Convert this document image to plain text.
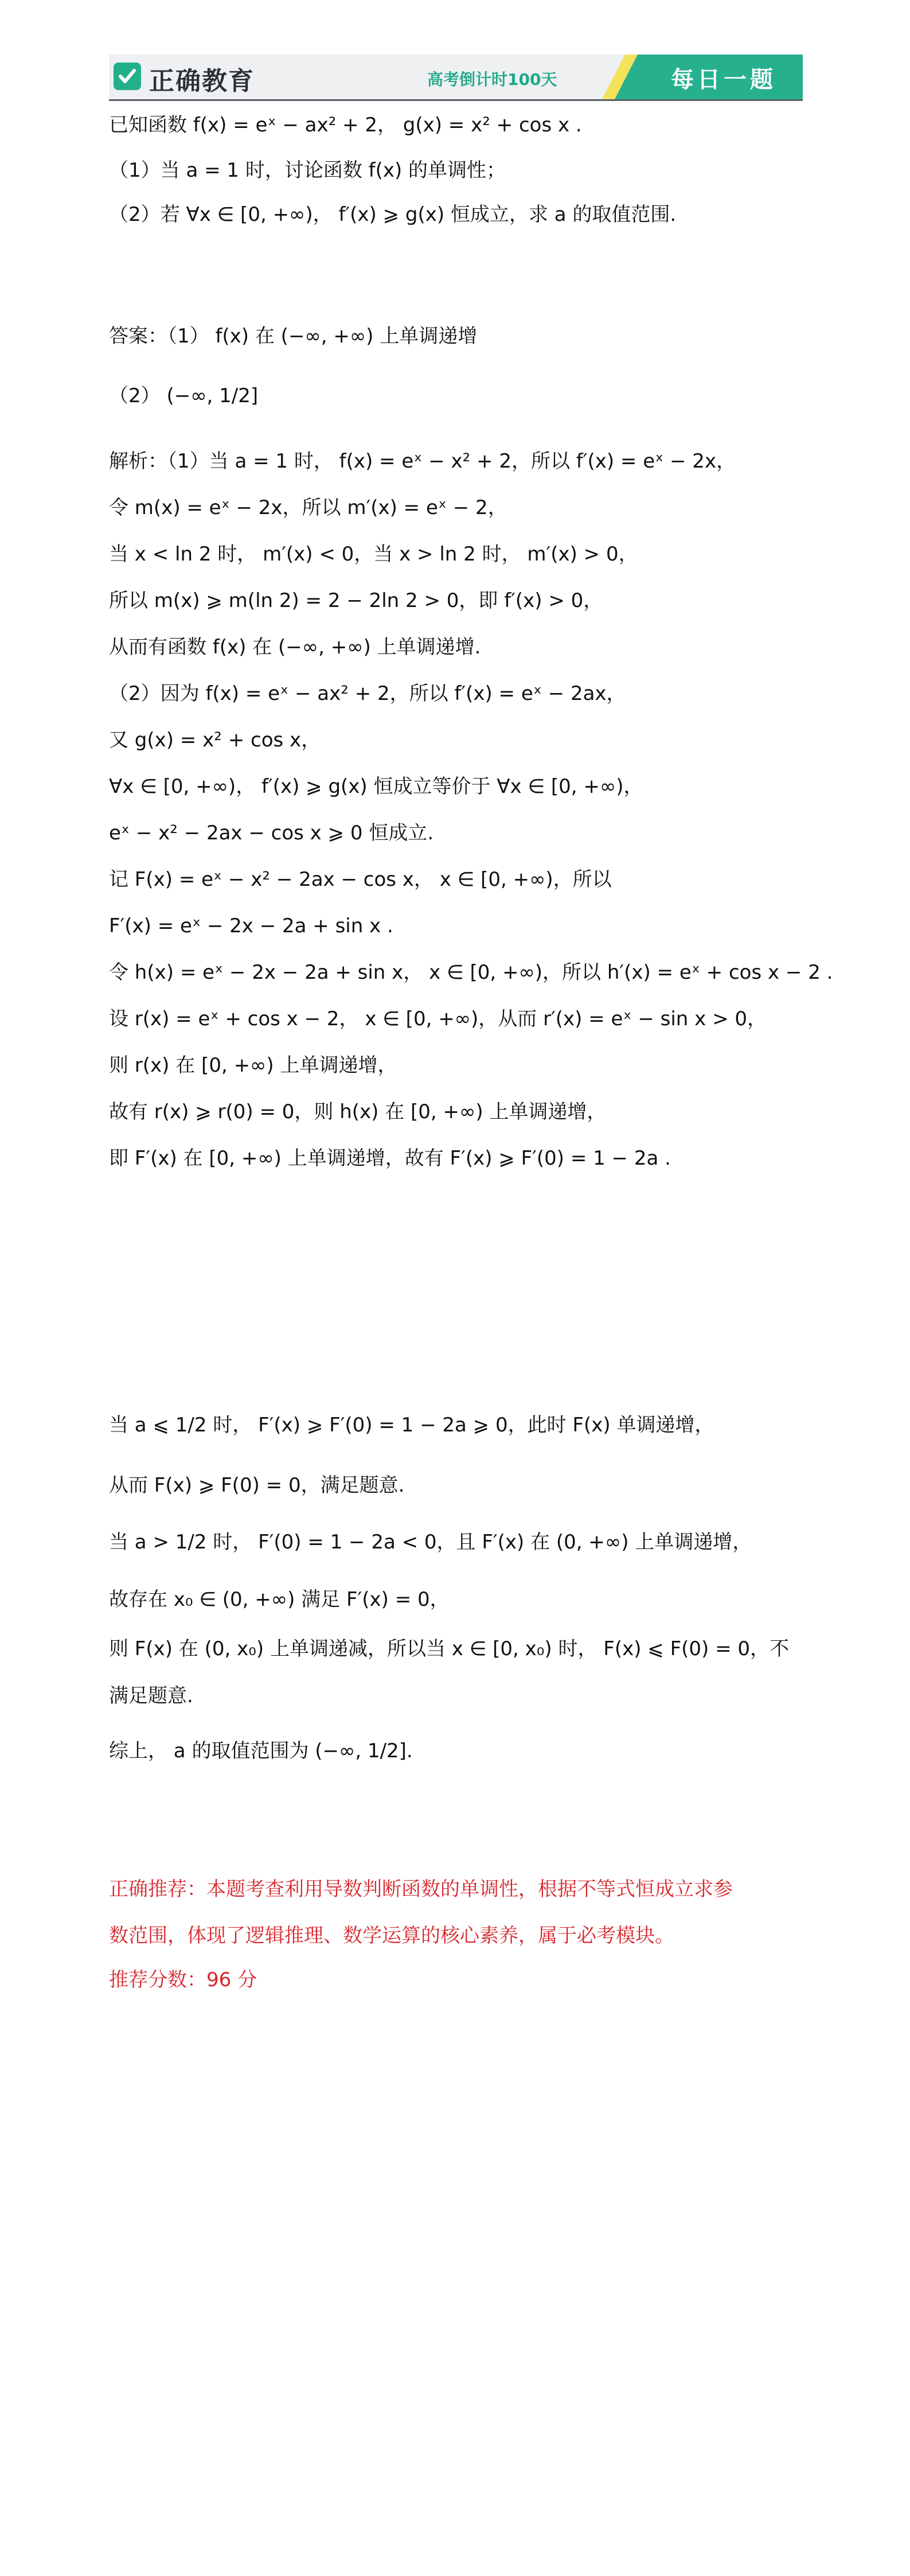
正确教育	高考倒计时100天	每日一题
已知函数 f(x) = eˣ − ax² + 2， g(x) = x² + cos x .
（1）当 a = 1 时，讨论函数 f(x) 的单调性；
（2）若 ∀x ∈ [0, +∞)， f′(x) ⩾ g(x) 恒成立，求 a 的取值范围.
答案：（1） f(x) 在 (−∞, +∞) 上单调递增
（2） (−∞, 1/2]
解析：（1）当 a = 1 时， f(x) = eˣ − x² + 2，所以 f′(x) = eˣ − 2x，
令 m(x) = eˣ − 2x，所以 m′(x) = eˣ − 2，
当 x < ln 2 时， m′(x) < 0，当 x > ln 2 时， m′(x) > 0，
所以 m(x) ⩾ m(ln 2) = 2 − 2ln 2 > 0，即 f′(x) > 0，
从而有函数 f(x) 在 (−∞, +∞) 上单调递增.
（2）因为 f(x) = eˣ − ax² + 2，所以 f′(x) = eˣ − 2ax，
又 g(x) = x² + cos x，
∀x ∈ [0, +∞)， f′(x) ⩾ g(x) 恒成立等价于 ∀x ∈ [0, +∞)，
eˣ − x² − 2ax − cos x ⩾ 0 恒成立.
记 F(x) = eˣ − x² − 2ax − cos x， x ∈ [0, +∞)，所以
F′(x) = eˣ − 2x − 2a + sin x .
令 h(x) = eˣ − 2x − 2a + sin x， x ∈ [0, +∞)，所以 h′(x) = eˣ + cos x − 2 .
设 r(x) = eˣ + cos x − 2， x ∈ [0, +∞)，从而 r′(x) = eˣ − sin x > 0，
则 r(x) 在 [0, +∞) 上单调递增，
故有 r(x) ⩾ r(0) = 0，则 h(x) 在 [0, +∞) 上单调递增，
即 F′(x) 在 [0, +∞) 上单调递增，故有 F′(x) ⩾ F′(0) = 1 − 2a .
当 a ⩽ 1/2 时， F′(x) ⩾ F′(0) = 1 − 2a ⩾ 0，此时 F(x) 单调递增，
从而 F(x) ⩾ F(0) = 0，满足题意.
当 a > 1/2 时， F′(0) = 1 − 2a < 0，且 F′(x) 在 (0, +∞) 上单调递增，
故存在 x₀ ∈ (0, +∞) 满足 F′(x) = 0，
则 F(x) 在 (0, x₀) 上单调递减，所以当 x ∈ [0, x₀) 时， F(x) ⩽ F(0) = 0，不
满足题意.
综上， a 的取值范围为 (−∞, 1/2].
正确推荐：本题考查利用导数判断函数的单调性，根据不等式恒成立求参
数范围，体现了逻辑推理、数学运算的核心素养，属于必考模块。
推荐分数：96 分
